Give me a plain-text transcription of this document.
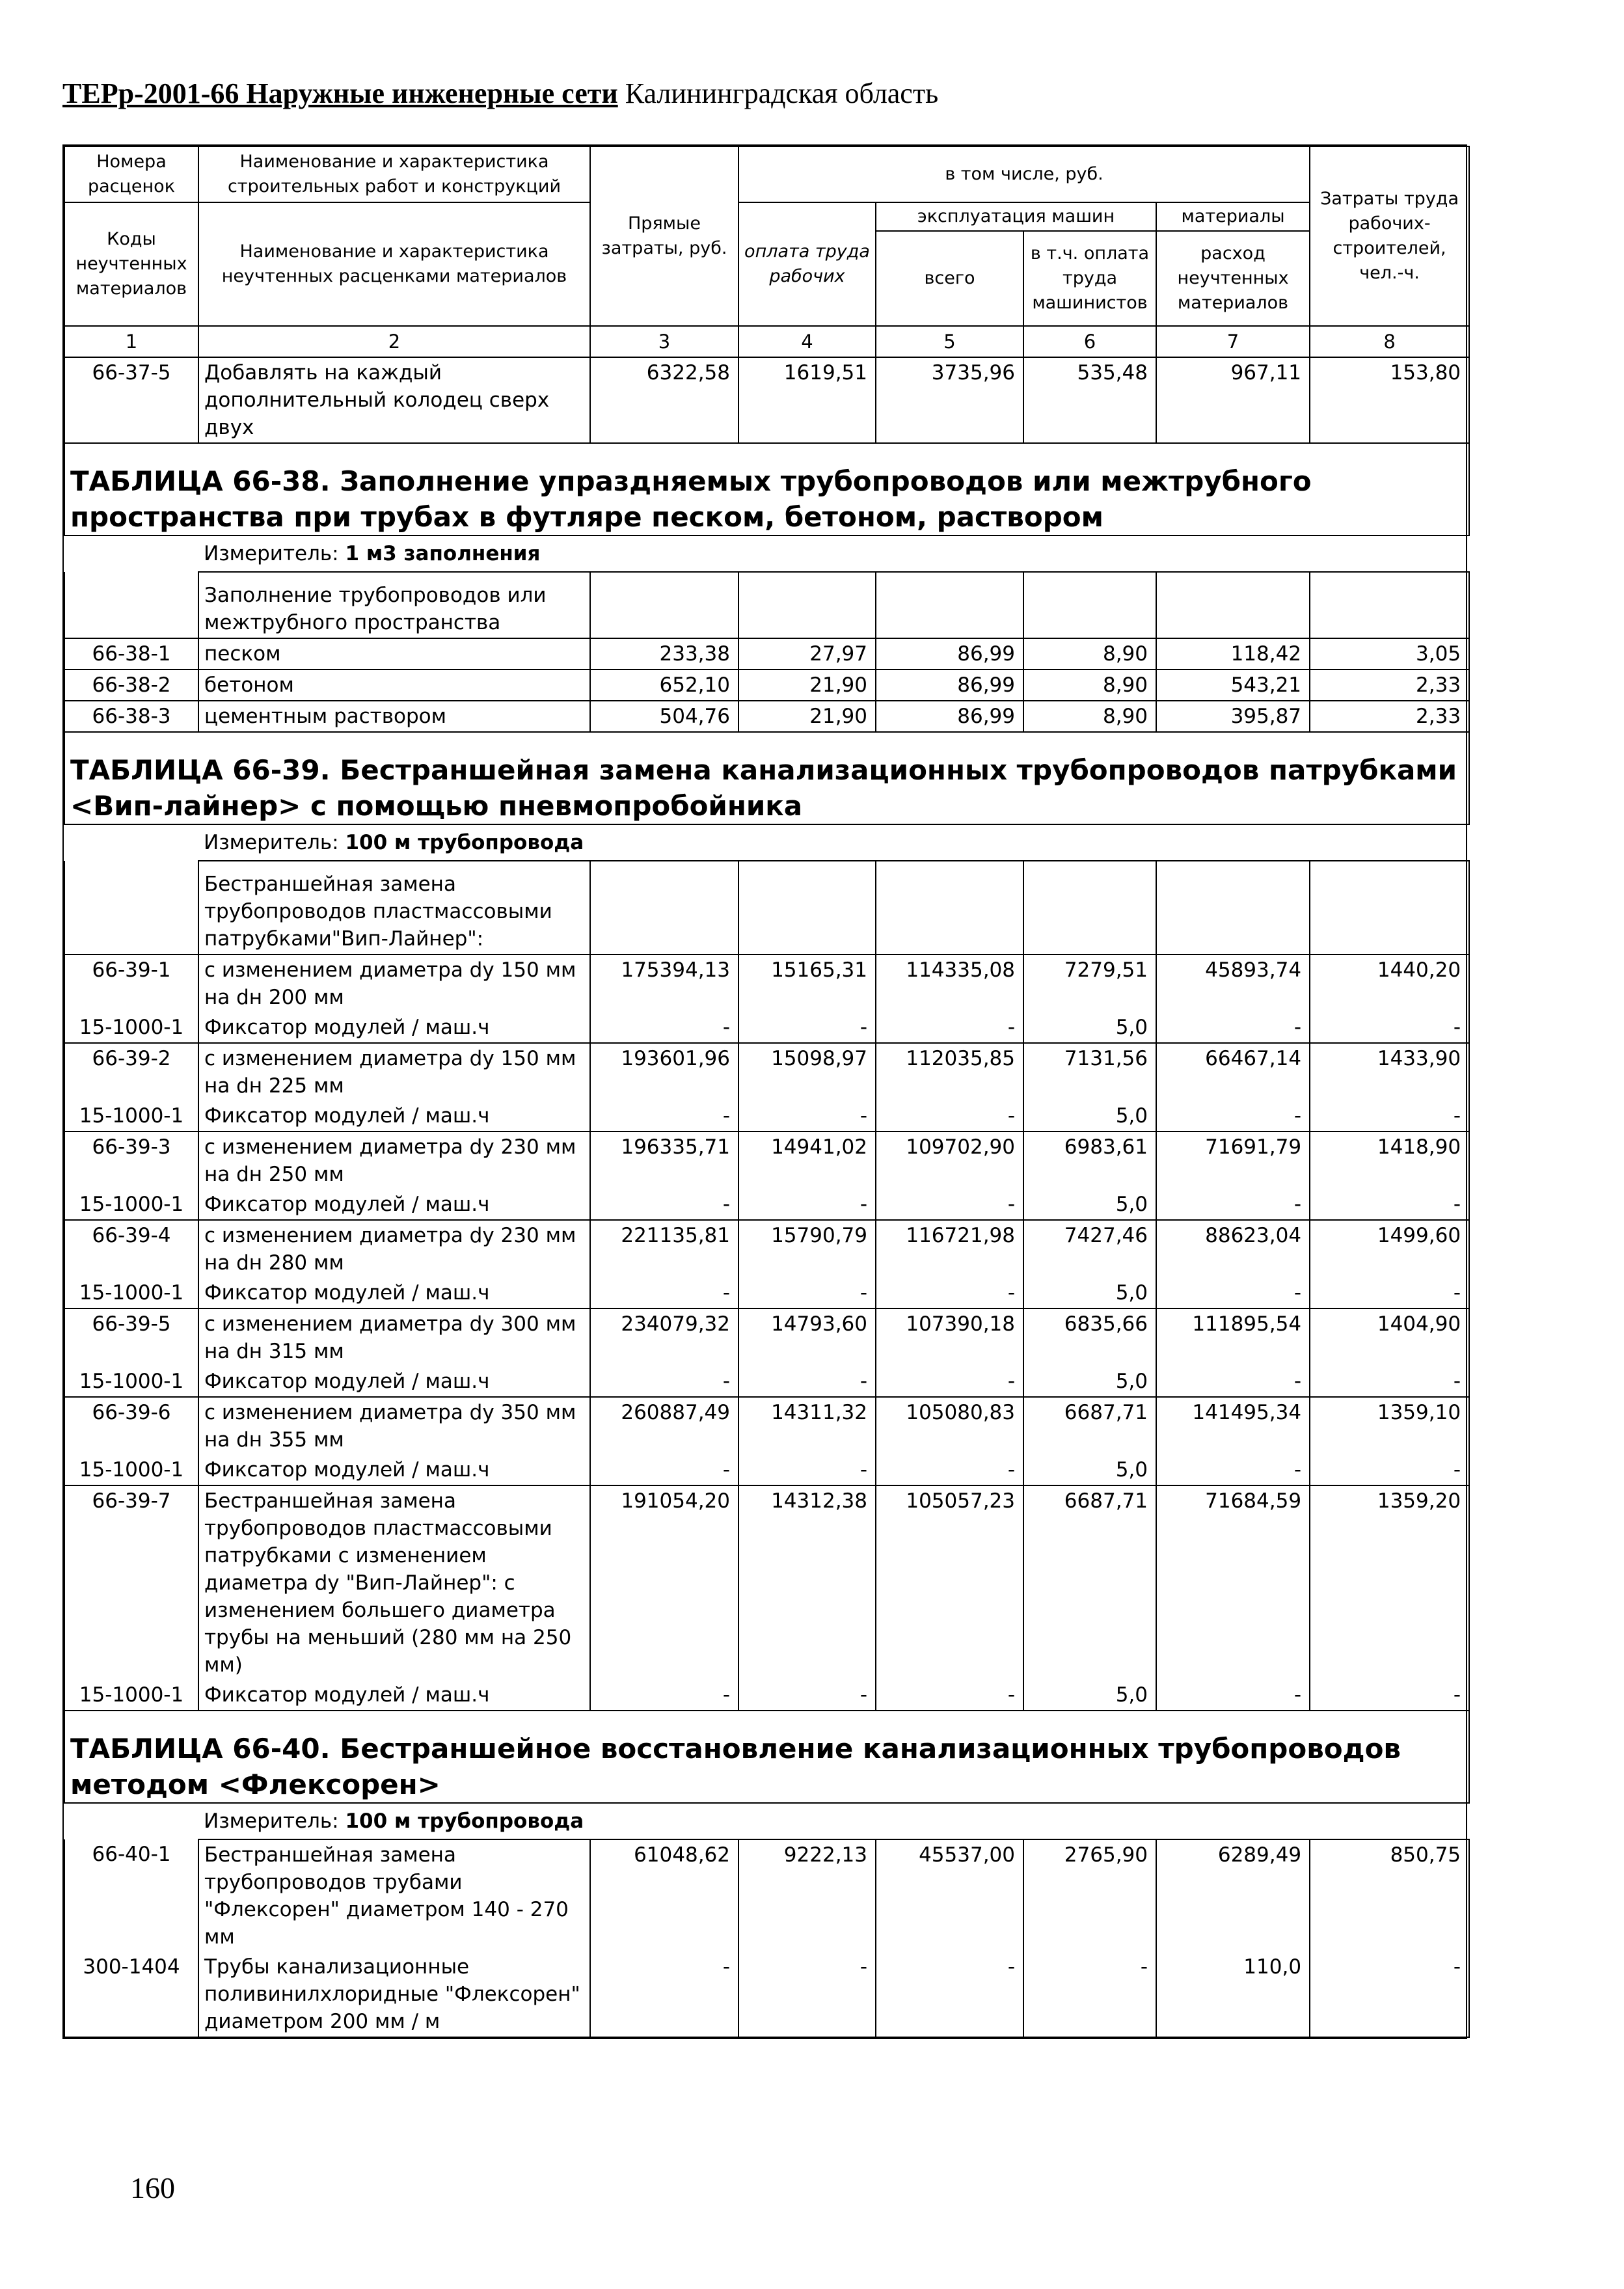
ТЕРр-2001-66 Наружные инженерные сети Калининградская область
Номера расценок	Наименование и характеристика строительных работ и конструкций	Прямые затраты, руб.	в том числе, руб.				Затраты труда рабочих-строителей, чел.-ч.
Коды неучтенных материалов	Наименование и характеристика неучтенных расценками материалов		оплата труда рабочих	эксплуатация машин		материалы	
				всего	в т.ч. оплата труда машинистов	расход неучтенных материалов	
1	2	3	4	5	6	7	8
66-37-5	Добавлять на каждый дополнительный колодец сверх двух	6322,58	1619,51	3735,96	535,48	967,11	153,80
ТАБЛИЦА 66-38. Заполнение упраздняемых трубопроводов или межтрубного пространства при трубах в футляре песком, бетоном, раствором							
	Измеритель: 1 м3 заполнения						
	Заполнение трубопроводов или межтрубного пространства						
66-38-1	песком	233,38	27,97	86,99	8,90	118,42	3,05
66-38-2	бетоном	652,10	21,90	86,99	8,90	543,21	2,33
66-38-3	цементным раствором	504,76	21,90	86,99	8,90	395,87	2,33
ТАБЛИЦА 66-39. Бестраншейная замена канализационных трубопроводов патрубками <Вип-лайнер> с помощью пневмопробойника							
	Измеритель: 100 м трубопровода						
	Бестраншейная замена трубопроводов пластмассовыми патрубками"Вип-Лайнер":						
66-39-1	с изменением диаметра dy 150 мм на dн 200 мм	175394,13	15165,31	114335,08	7279,51	45893,74	1440,20
15-1000-1	Фиксатор модулей / маш.ч	-	-	-	5,0	-	-
66-39-2	с изменением диаметра dy 150 мм на dн 225 мм	193601,96	15098,97	112035,85	7131,56	66467,14	1433,90
15-1000-1	Фиксатор модулей / маш.ч	-	-	-	5,0	-	-
66-39-3	с изменением диаметра dy 230 мм на dн 250 мм	196335,71	14941,02	109702,90	6983,61	71691,79	1418,90
15-1000-1	Фиксатор модулей / маш.ч	-	-	-	5,0	-	-
66-39-4	с изменением диаметра dy 230 мм на dн 280 мм	221135,81	15790,79	116721,98	7427,46	88623,04	1499,60
15-1000-1	Фиксатор модулей / маш.ч	-	-	-	5,0	-	-
66-39-5	с изменением диаметра dy 300 мм на dн 315 мм	234079,32	14793,60	107390,18	6835,66	111895,54	1404,90
15-1000-1	Фиксатор модулей / маш.ч	-	-	-	5,0	-	-
66-39-6	с изменением диаметра dy 350 мм на dн 355 мм	260887,49	14311,32	105080,83	6687,71	141495,34	1359,10
15-1000-1	Фиксатор модулей / маш.ч	-	-	-	5,0	-	-
66-39-7	Бестраншейная замена трубопроводов пластмассовыми патрубками с изменением диаметра dy "Вип-Лайнер": с изменением большего диаметра трубы на меньший (280 мм на 250 мм)	191054,20	14312,38	105057,23	6687,71	71684,59	1359,20
15-1000-1	Фиксатор модулей / маш.ч	-	-	-	5,0	-	-
ТАБЛИЦА 66-40. Бестраншейное восстановление канализационных трубопроводов методом <Флексорен>							
	Измеритель: 100 м трубопровода						
66-40-1	Бестраншейная замена трубопроводов трубами "Флексорен" диаметром 140 - 270 мм	61048,62	9222,13	45537,00	2765,90	6289,49	850,75
300-1404	Трубы канализационные поливинилхлоридные "Флексорен" диаметром 200 мм / м	-	-	-	-	110,0	-
160
